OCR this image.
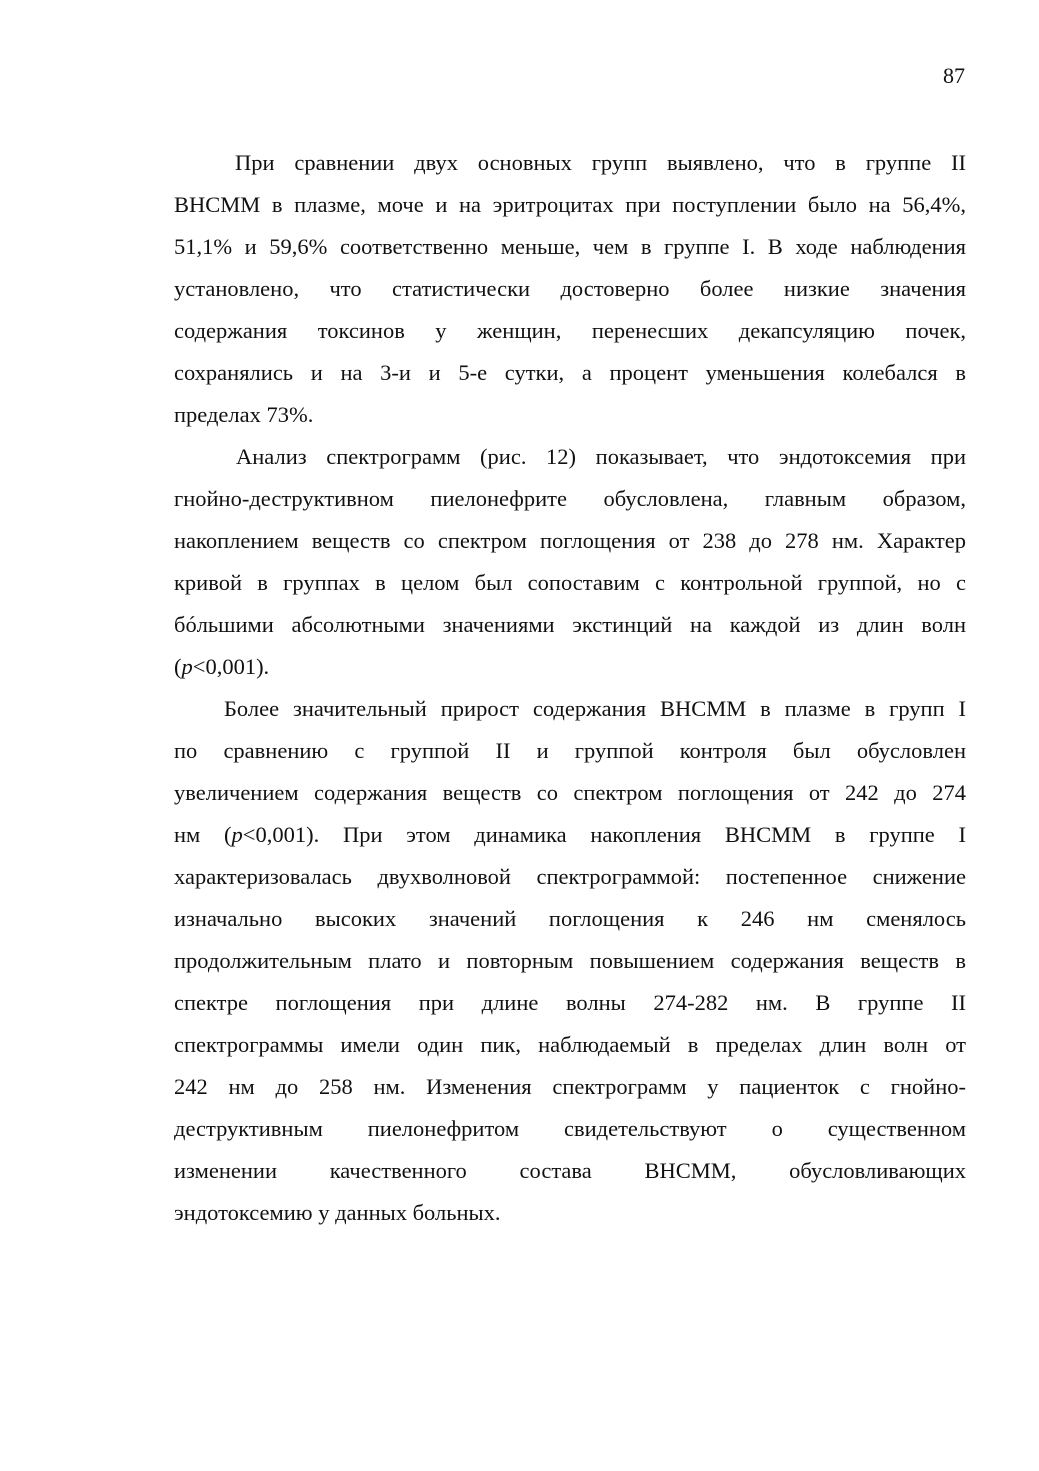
87
При сравнении двух основных групп выявлено, что в группе II
ВНСММ в плазме, моче и на эритроцитах при поступлении было на 56,4%,
51,1% и 59,6% соответственно меньше, чем в группе I. В ходе наблюдения
установлено, что статистически достоверно более низкие значения
содержания токсинов у женщин, перенесших декапсуляцию почек,
сохранялись и на 3-и и 5-е сутки, а процент уменьшения колебался в
пределах 73%.
Анализ спектрограмм (рис. 12) показывает, что эндотоксемия при
гнойно-деструктивном пиелонефрите обусловлена, главным образом,
накоплением веществ со спектром поглощения от 238 до 278 нм. Характер
кривой в группах в целом был сопоставим с контрольной группой, но с
бóльшими абсолютными значениями экстинций на каждой из длин волн
(p<0,001).
Более значительный прирост содержания ВНСММ в плазме в групп I
по сравнению с группой II и группой контроля был обусловлен
увеличением содержания веществ со спектром поглощения от 242 до 274
нм (p<0,001). При этом динамика накопления ВНСММ в группе I
характеризовалась двухволновой спектрограммой: постепенное снижение
изначально высоких значений поглощения к 246 нм сменялось
продолжительным плато и повторным повышением содержания веществ в
спектре поглощения при длине волны 274-282 нм. В группе II
спектрограммы имели один пик, наблюдаемый в пределах длин волн от
242 нм до 258 нм. Изменения спектрограмм у пациенток с гнойно-
деструктивным пиелонефритом свидетельствуют о существенном
изменении качественного состава ВНСММ, обусловливающих
эндотоксемию у данных больных.
